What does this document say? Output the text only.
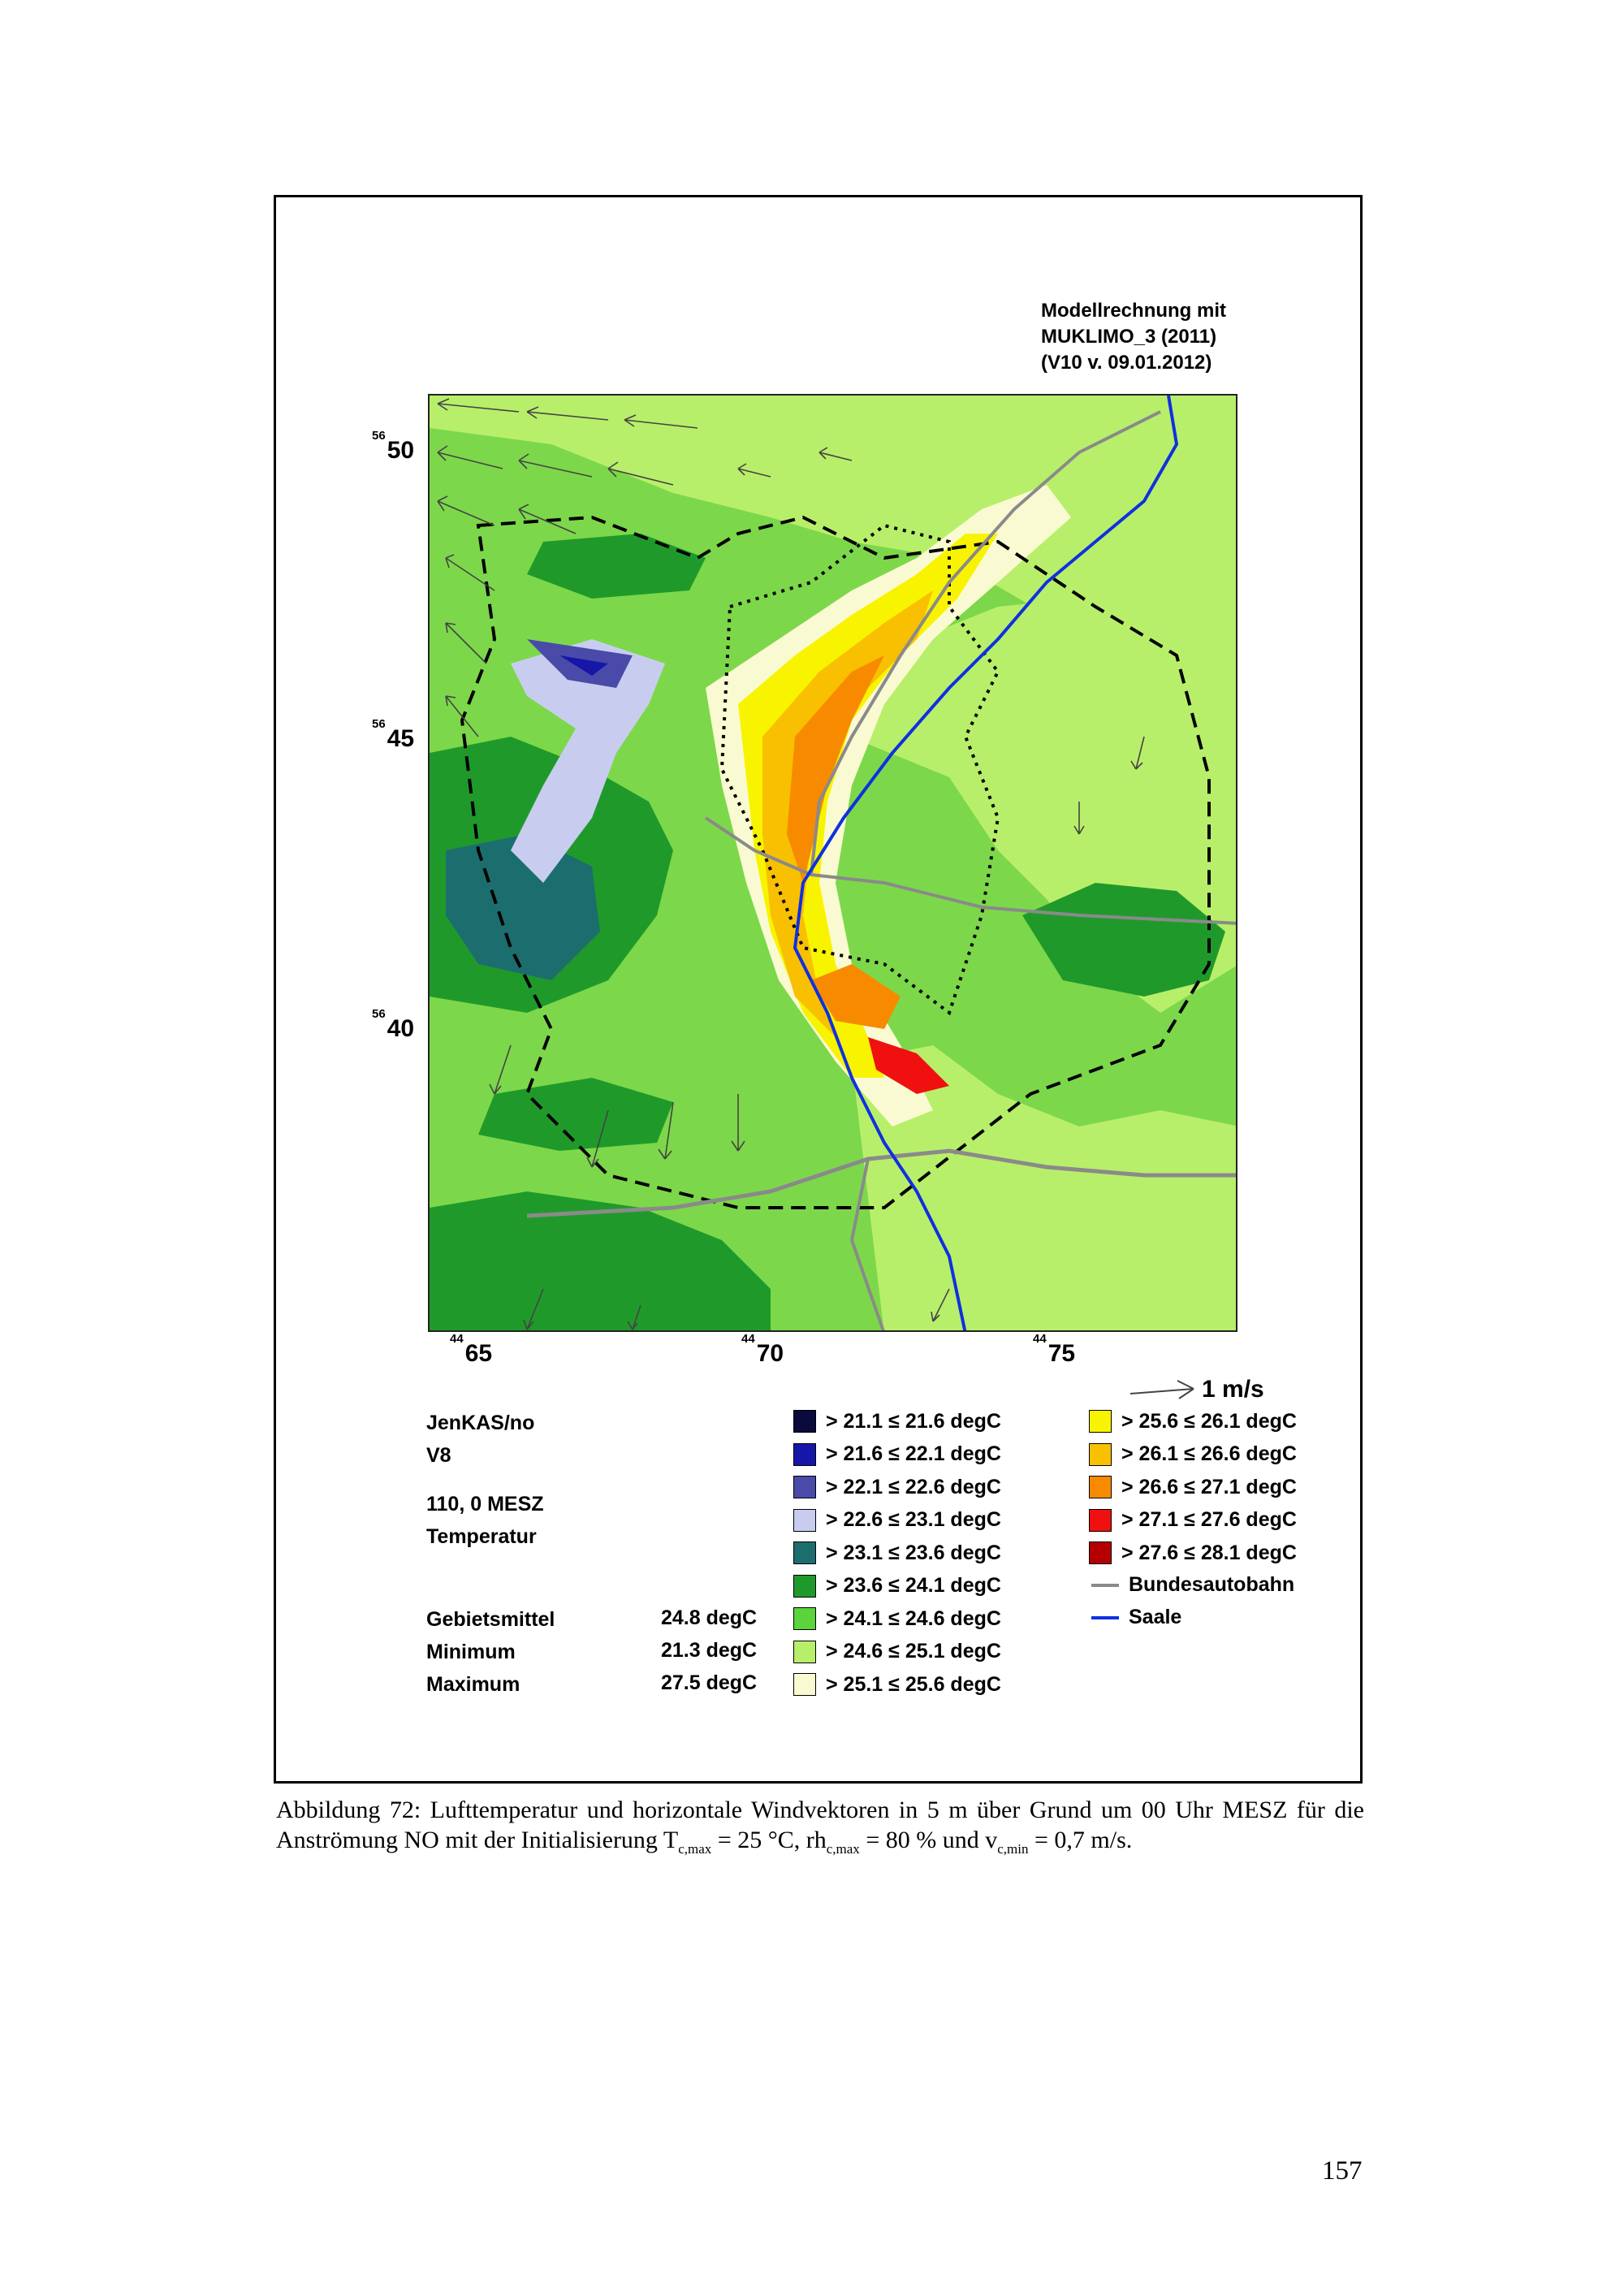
Modellrechnung mit
MUKLIMO_3 (2011)
(V10 v. 09.01.2012)
$^{56}$50
$^{56}$45
$^{56}$40
$^{44}$65
$^{44}$70
$^{44}$75
1 m/s
JenKAS/no
V8
110, 0 MESZ
Temperatur
Gebietsmittel	24.8 degC
Minimum	21.3 degC
Maximum	27.5 degC
> 21.1 ≤ 21.6 degC
> 21.6 ≤ 22.1 degC
> 22.1 ≤ 22.6 degC
> 22.6 ≤ 23.1 degC
> 23.1 ≤ 23.6 degC
> 23.6 ≤ 24.1 degC
> 24.1 ≤ 24.6 degC
> 24.6 ≤ 25.1 degC
> 25.1 ≤ 25.6 degC
> 25.6 ≤ 26.1 degC
> 26.1 ≤ 26.6 degC
> 26.6 ≤ 27.1 degC
> 27.1 ≤ 27.6 degC
> 27.6 ≤ 28.1 degC
Bundesautobahn
Saale
Abbildung 72: Lufttemperatur und horizontale Windvektoren in 5 m über Grund um 00 Uhr MESZ für die Anströmung NO mit der Initialisierung $T_{c,max} = 25$ °C, $rh_{c,max} = 80$ % und $v_{c,min} = 0,7$ m/s.
157
